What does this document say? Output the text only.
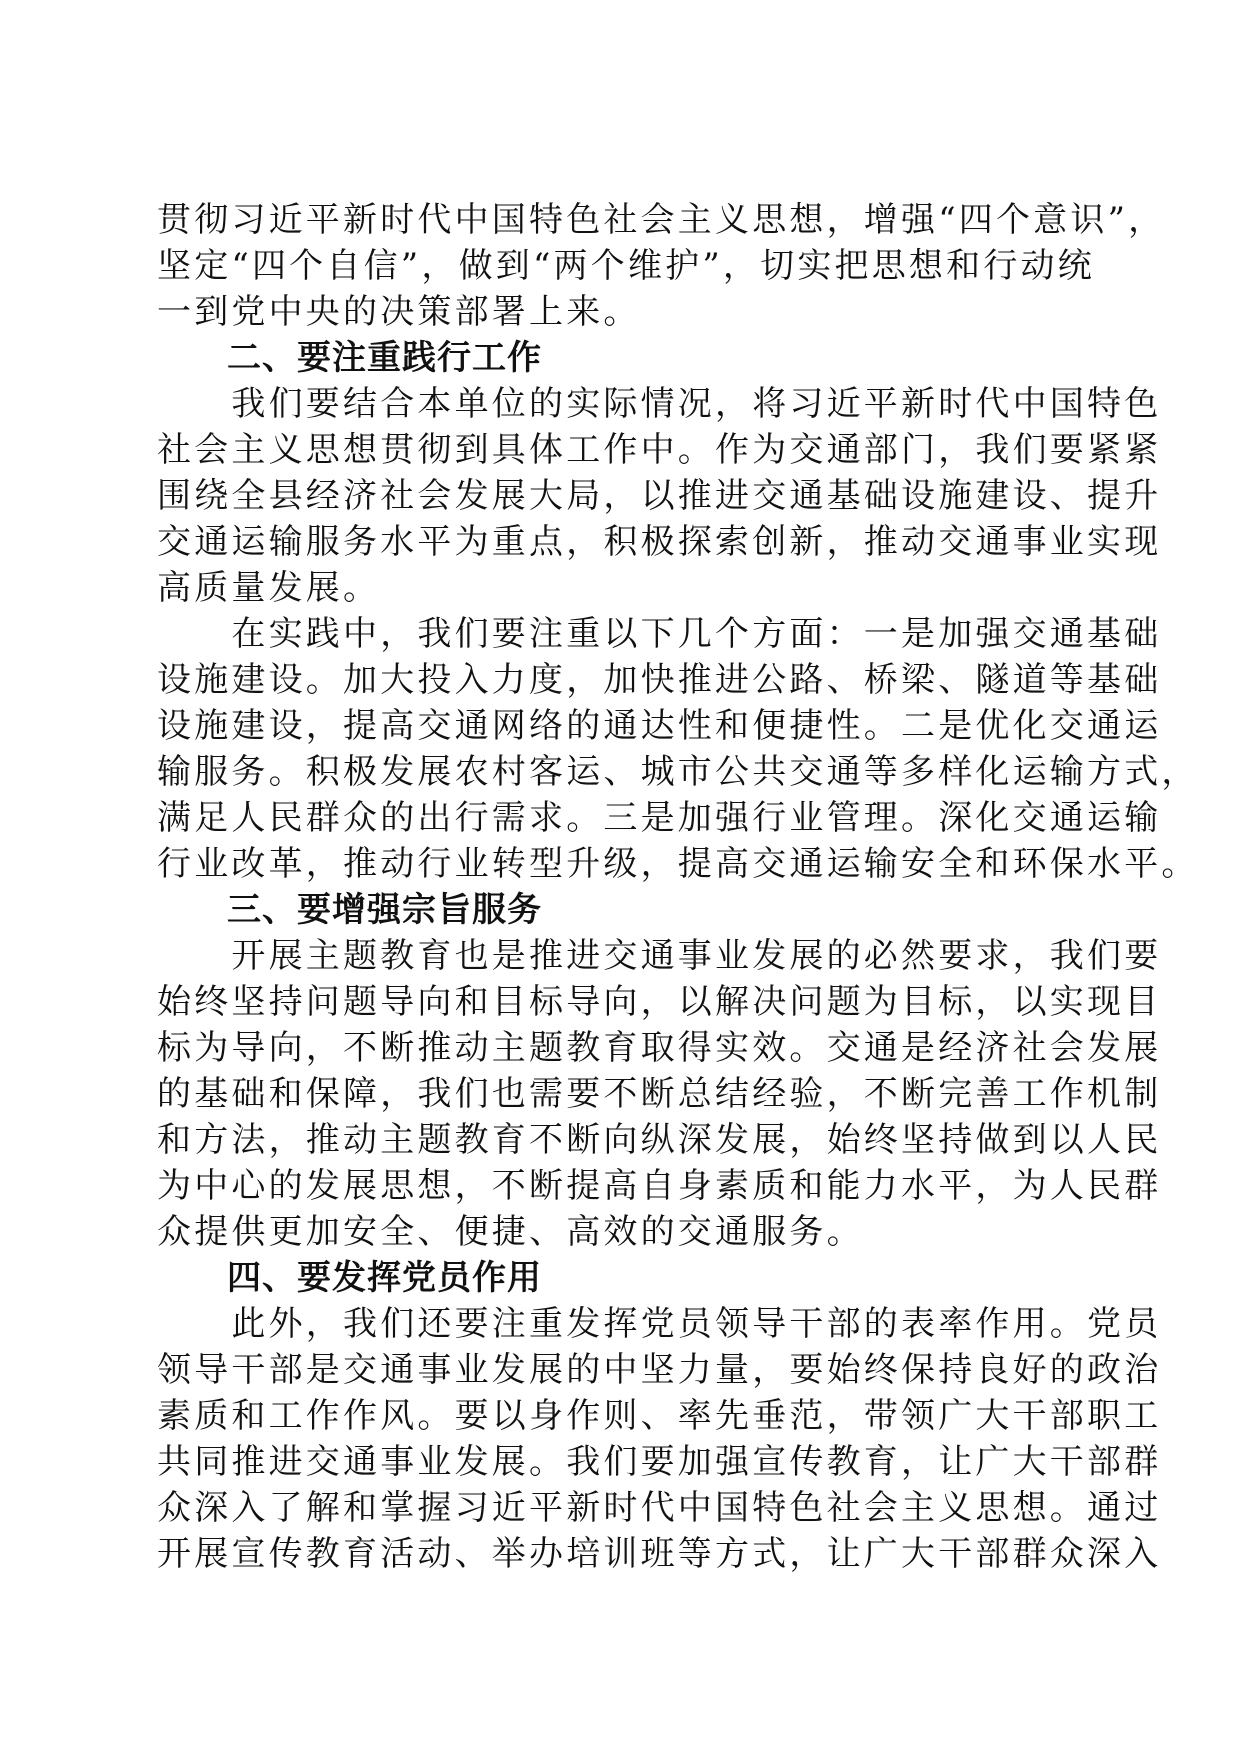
贯彻习近平新时代中国特色社会主义思想，增强“四个意识”，
坚定“四个自信”，做到“两个维护”，切实把思想和行动统
一到党中央的决策部署上来。
　　二、要注重践行工作
　　我们要结合本单位的实际情况，将习近平新时代中国特色
社会主义思想贯彻到具体工作中。作为交通部门，我们要紧紧
围绕全县经济社会发展大局，以推进交通基础设施建设、提升
交通运输服务水平为重点，积极探索创新，推动交通事业实现
高质量发展。
　　在实践中，我们要注重以下几个方面：一是加强交通基础
设施建设。加大投入力度，加快推进公路、桥梁、隧道等基础
设施建设，提高交通网络的通达性和便捷性。二是优化交通运
输服务。积极发展农村客运、城市公共交通等多样化运输方式，
满足人民群众的出行需求。三是加强行业管理。深化交通运输
行业改革，推动行业转型升级，提高交通运输安全和环保水平。
　　三、要增强宗旨服务
　　开展主题教育也是推进交通事业发展的必然要求，我们要
始终坚持问题导向和目标导向，以解决问题为目标，以实现目
标为导向，不断推动主题教育取得实效。交通是经济社会发展
的基础和保障，我们也需要不断总结经验，不断完善工作机制
和方法，推动主题教育不断向纵深发展，始终坚持做到以人民
为中心的发展思想，不断提高自身素质和能力水平，为人民群
众提供更加安全、便捷、高效的交通服务。
　　四、要发挥党员作用
　　此外，我们还要注重发挥党员领导干部的表率作用。党员
领导干部是交通事业发展的中坚力量，要始终保持良好的政治
素质和工作作风。要以身作则、率先垂范，带领广大干部职工
共同推进交通事业发展。我们要加强宣传教育，让广大干部群
众深入了解和掌握习近平新时代中国特色社会主义思想。通过
开展宣传教育活动、举办培训班等方式，让广大干部群众深入
